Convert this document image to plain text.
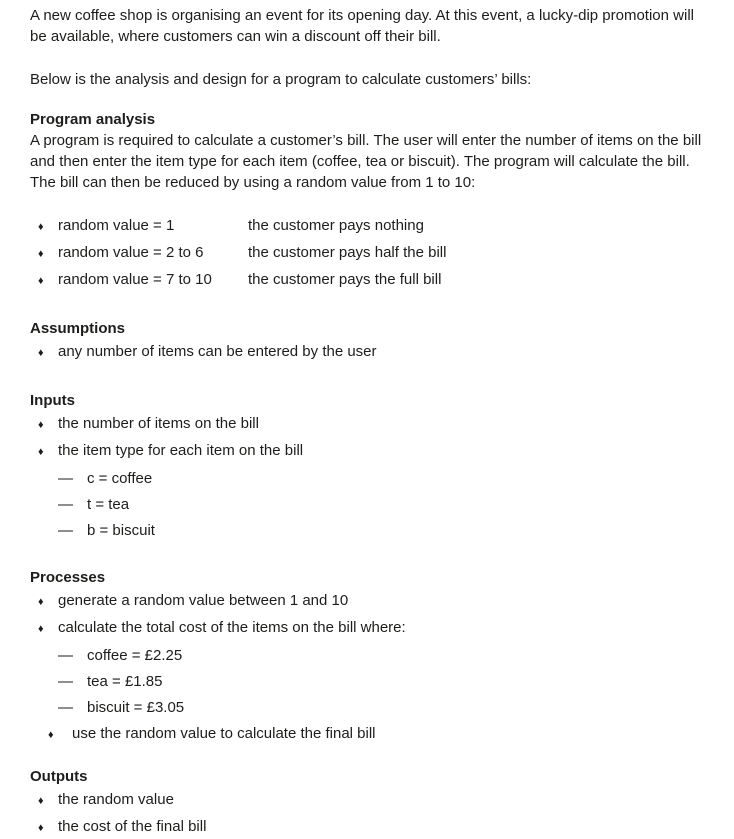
A new coffee shop is organising an event for its opening day. At this event, a lucky-dip promotion will be available, where customers can win a discount off their bill.

Below is the analysis and design for a program to calculate customers’ bills:

Program analysis

A program is required to calculate a customer’s bill. The user will enter the number of items on the bill and then enter the item type for each item (coffee, tea or biscuit). The program will calculate the bill. The bill can then be reduced by using a random value from 1 to 10:

♦ random value = 1	the customer pays nothing
♦ random value = 2 to 6	the customer pays half the bill
♦ random value = 7 to 10	the customer pays the full bill
Assumptions
♦ any number of items can be entered by the user
Inputs
♦ the number of items on the bill
♦ the item type for each item on the bill
— c = coffee
— t = tea
— b = biscuit
Processes
♦ generate a random value between 1 and 10
♦ calculate the total cost of the items on the bill where:
— coffee = £2.25
— tea = £1.85
— biscuit = £3.05
♦	use the random value to calculate the final bill
Outputs
♦ the random value
♦ the cost of the final bill
